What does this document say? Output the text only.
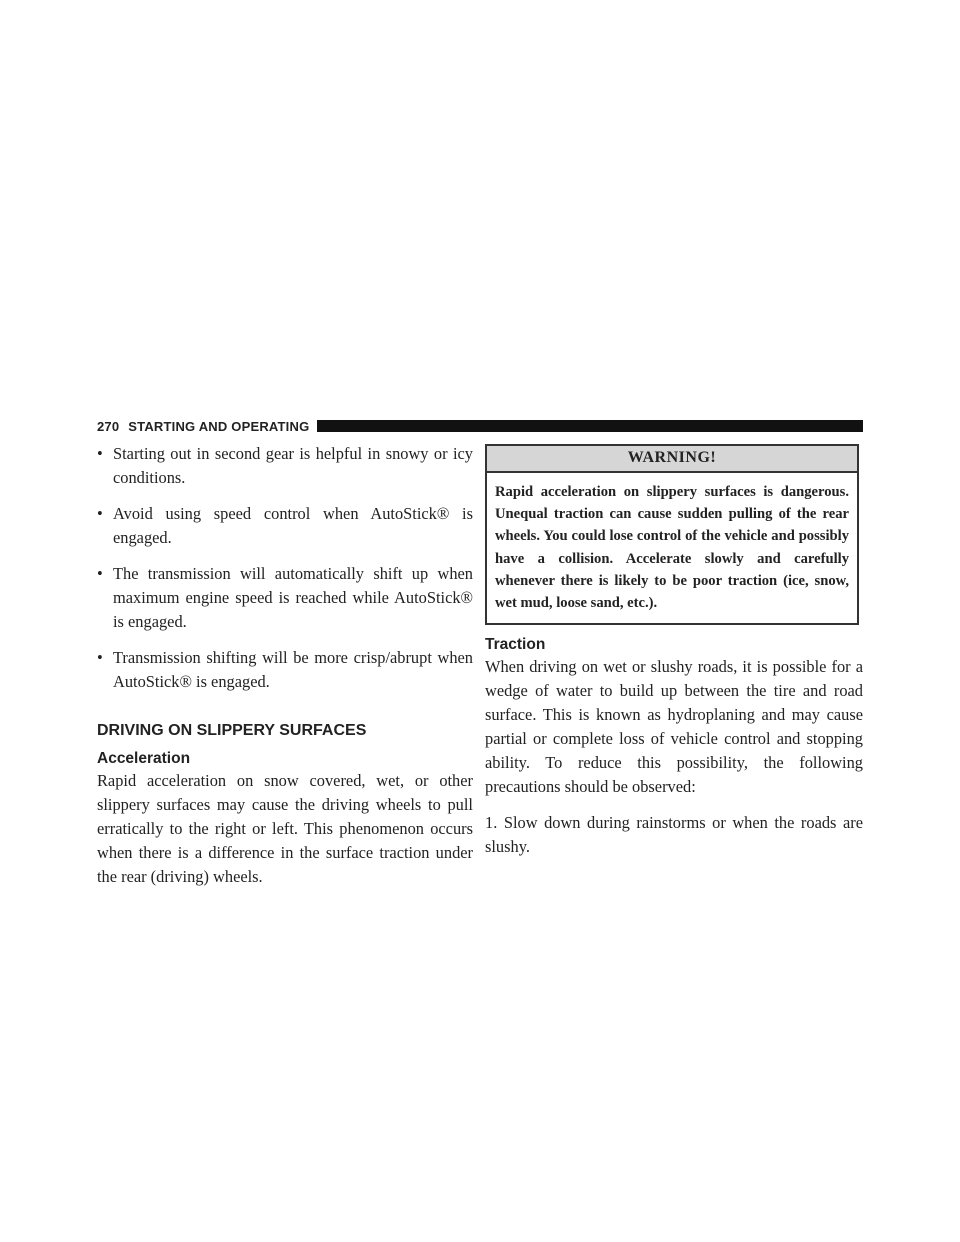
270 STARTING AND OPERATING
• Starting out in second gear is helpful in snowy or icy conditions.
• Avoid using speed control when AutoStick® is engaged.
• The transmission will automatically shift up when maximum engine speed is reached while AutoStick® is engaged.
• Transmission shifting will be more crisp/abrupt when AutoStick® is engaged.
DRIVING ON SLIPPERY SURFACES
Acceleration

Rapid acceleration on snow covered, wet, or other slippery surfaces may cause the driving wheels to pull erratically to the right or left. This phenomenon occurs when there is a difference in the surface traction under the rear (driving) wheels.

WARNING!
Rapid acceleration on slippery surfaces is dangerous. Unequal traction can cause sudden pulling of the rear wheels. You could lose control of the vehicle and possibly have a collision. Accelerate slowly and carefully whenever there is likely to be poor traction (ice, snow, wet mud, loose sand, etc.).
Traction

When driving on wet or slushy roads, it is possible for a wedge of water to build up between the tire and road surface. This is known as hydroplaning and may cause partial or complete loss of vehicle control and stopping ability. To reduce this possibility, the following precautions should be observed:

1. Slow down during rainstorms or when the roads are slushy.
